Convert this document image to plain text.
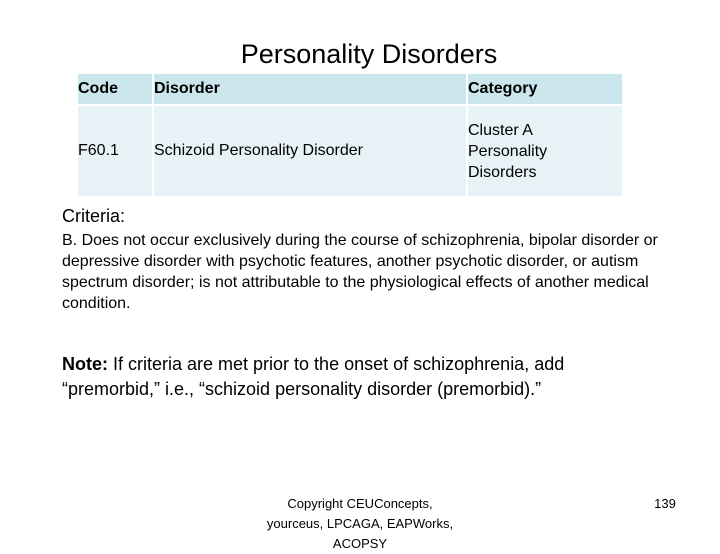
Personality Disorders
Code	Disorder	Category
F60.1	Schizoid Personality Disorder	Cluster A
Personality
Disorders
Criteria:
B. Does not occur exclusively during the course of schizophrenia, bipolar disorder or depressive disorder with psychotic features, another psychotic disorder, or autism spectrum disorder; is not attributable to the physiological effects of another medical condition.
Note: If criteria are met prior to the onset of schizophrenia, add “premorbid,” i.e., “schizoid personality disorder (premorbid).”
Copyright CEUConcepts,
yourceus, LPCAGA, EAPWorks,
ACOPSY
139
